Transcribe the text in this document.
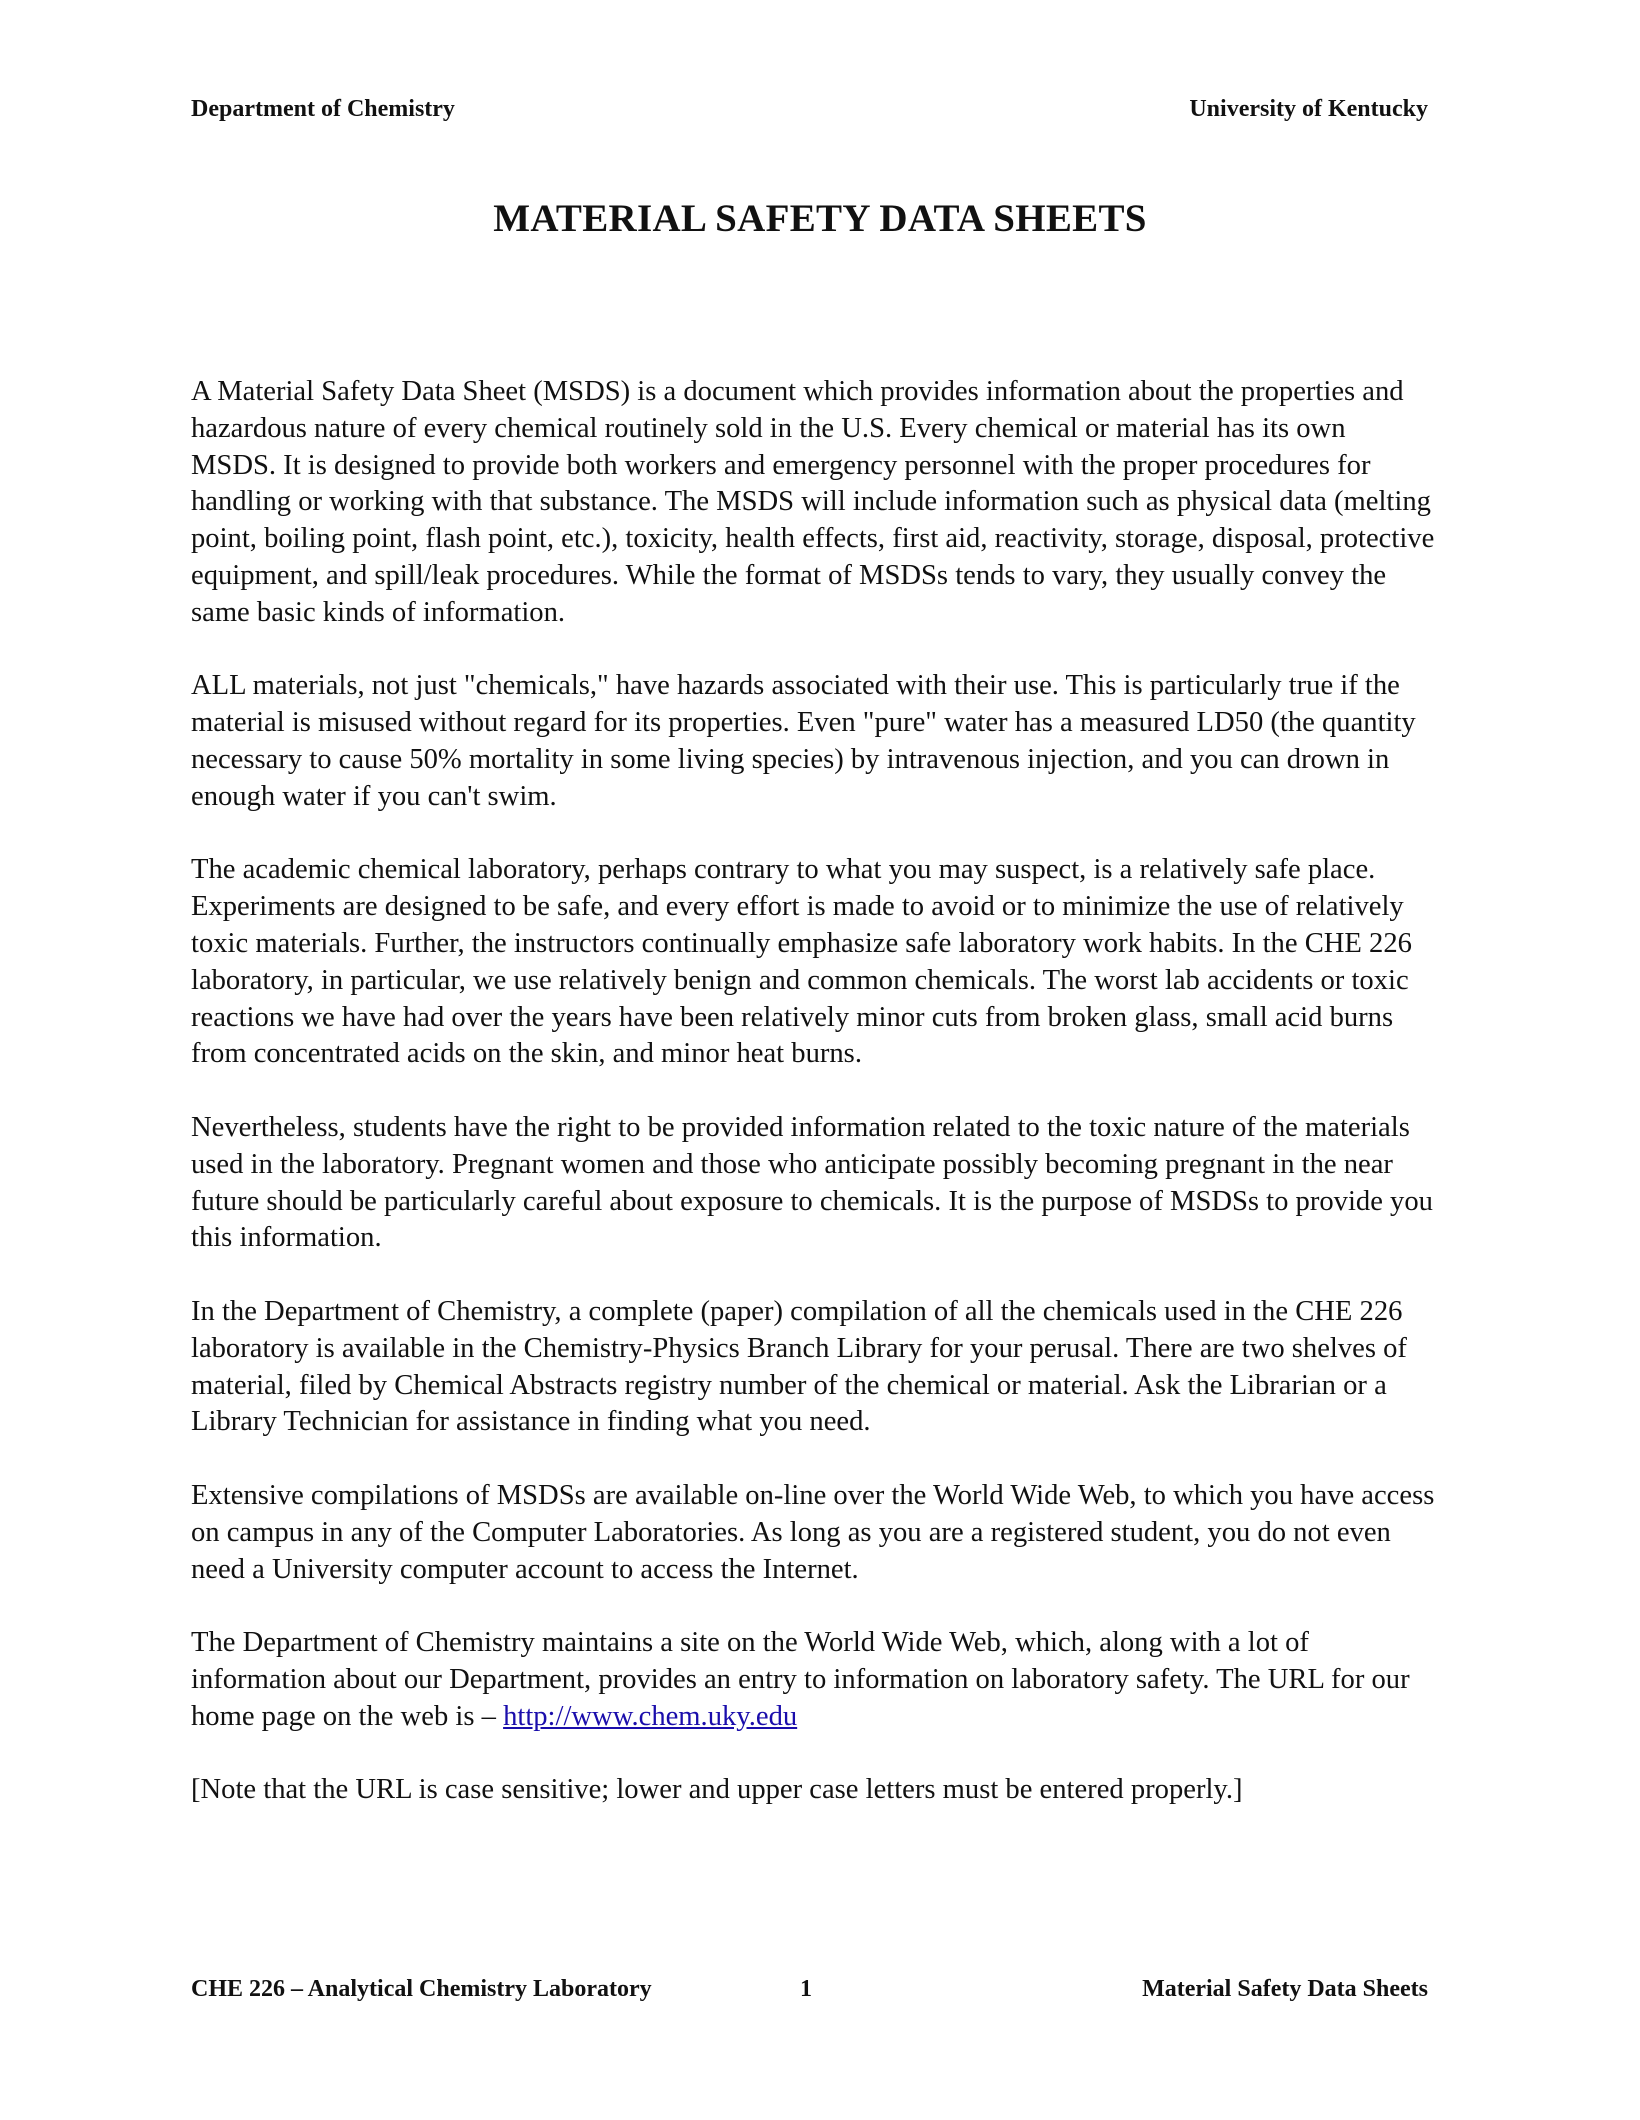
Department of Chemistry	University of Kentucky
MATERIAL SAFETY DATA SHEETS

A Material Safety Data Sheet (MSDS) is a document which provides information about the properties and hazardous nature of every chemical routinely sold in the U.S. Every chemical or material has its own MSDS. It is designed to provide both workers and emergency personnel with the proper procedures for handling or working with that substance. The MSDS will include information such as physical data (melting point, boiling point, flash point, etc.), toxicity, health effects, first aid, reactivity, storage, disposal, protective equipment, and spill/leak procedures. While the format of MSDSs tends to vary, they usually convey the same basic kinds of information.

ALL materials, not just "chemicals," have hazards associated with their use. This is particularly true if the material is misused without regard for its properties. Even "pure" water has a measured LD50 (the quantity necessary to cause 50% mortality in some living species) by intravenous injection, and you can drown in enough water if you can't swim.

The academic chemical laboratory, perhaps contrary to what you may suspect, is a relatively safe place. Experiments are designed to be safe, and every effort is made to avoid or to minimize the use of relatively toxic materials. Further, the instructors continually emphasize safe laboratory work habits. In the CHE 226 laboratory, in particular, we use relatively benign and common chemicals. The worst lab accidents or toxic reactions we have had over the years have been relatively minor cuts from broken glass, small acid burns from concentrated acids on the skin, and minor heat burns.

Nevertheless, students have the right to be provided information related to the toxic nature of the materials used in the laboratory. Pregnant women and those who anticipate possibly becoming pregnant in the near future should be particularly careful about exposure to chemicals. It is the purpose of MSDSs to provide you this information.

In the Department of Chemistry, a complete (paper) compilation of all the chemicals used in the CHE 226 laboratory is available in the Chemistry-Physics Branch Library for your perusal. There are two shelves of material, filed by Chemical Abstracts registry number of the chemical or material. Ask the Librarian or a Library Technician for assistance in finding what you need.

Extensive compilations of MSDSs are available on-line over the World Wide Web, to which you have access on campus in any of the Computer Laboratories. As long as you are a registered student, you do not even need a University computer account to access the Internet.

The Department of Chemistry maintains a site on the World Wide Web, which, along with a lot of information about our Department, provides an entry to information on laboratory safety. The URL for our home page on the web is – http://www.chem.uky.edu

[Note that the URL is case sensitive; lower and upper case letters must be entered properly.]

CHE 226 – Analytical Chemistry Laboratory	1	Material Safety Data Sheets
